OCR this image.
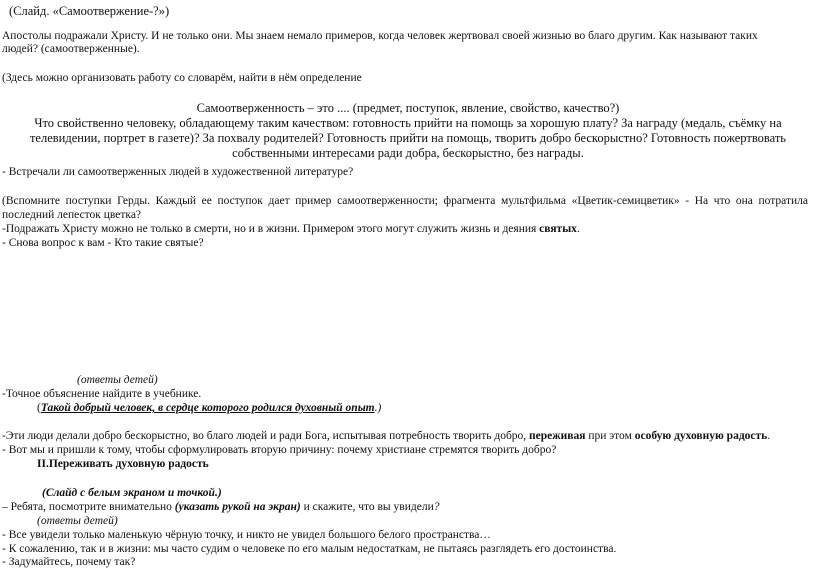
(Слайд. «Самоотвержение-?»)
Апостолы подражали Христу. И не только они. Мы знаем немало примеров, когда человек жертвовал своей жизнью во благо другим. Как называют таких
людей? (самоотверженные).
(Здесь можно организовать работу со словарём, найти в нём определение
Самоотверженность – это .... (предмет, поступок, явление, свойство, качество?)
Что свойственно человеку, обладающему таким качеством: готовность прийти на помощь за хорошую плату? За награду (медаль, съёмку на
телевидении, портрет в газете)? За похвалу родителей? Готовность прийти на помощь, творить добро бескорыстно? Готовность пожертвовать
собственными интересами ради добра, бескорыстно, без награды.
- Встречали ли самоотверженных людей в художественной литературе?
(Вспомните поступки Герды. Каждый ее поступок дает пример самоотверженности; фрагмента мультфильма «Цветик-семицветик» - На что она потратила
последний лепесток цветка?
-Подражать Христу можно не только в смерти, но и в жизни. Примером этого могут служить жизнь и деяния святых.
- Снова вопрос к вам - Кто такие святые?
(ответы детей)
-Точное объяснение найдите в учебнике.
(Такой добрый человек, в сердце которого родился духовный опыт.)
-Эти люди делали добро бескорыстно, во благо людей и ради Бога, испытывая потребность творить добро, переживая при этом особую духовную радость.
- Вот мы и пришли к тому, чтобы сформулировать вторую причину: почему христиане стремятся творить добро?
II.Переживать духовную радость
(Слайд с белым экраном и точкой.)
– Ребята, посмотрите внимательно (указать рукой на экран) и скажите, что вы увидели?
(ответы детей)
- Все увидели только маленькую чёрную точку, и никто не увидел большого белого пространства…
- К сожалению, так и в жизни: мы часто судим о человеке по его малым недостаткам, не пытаясь разглядеть его достоинства.
- Задумайтесь, почему так?
